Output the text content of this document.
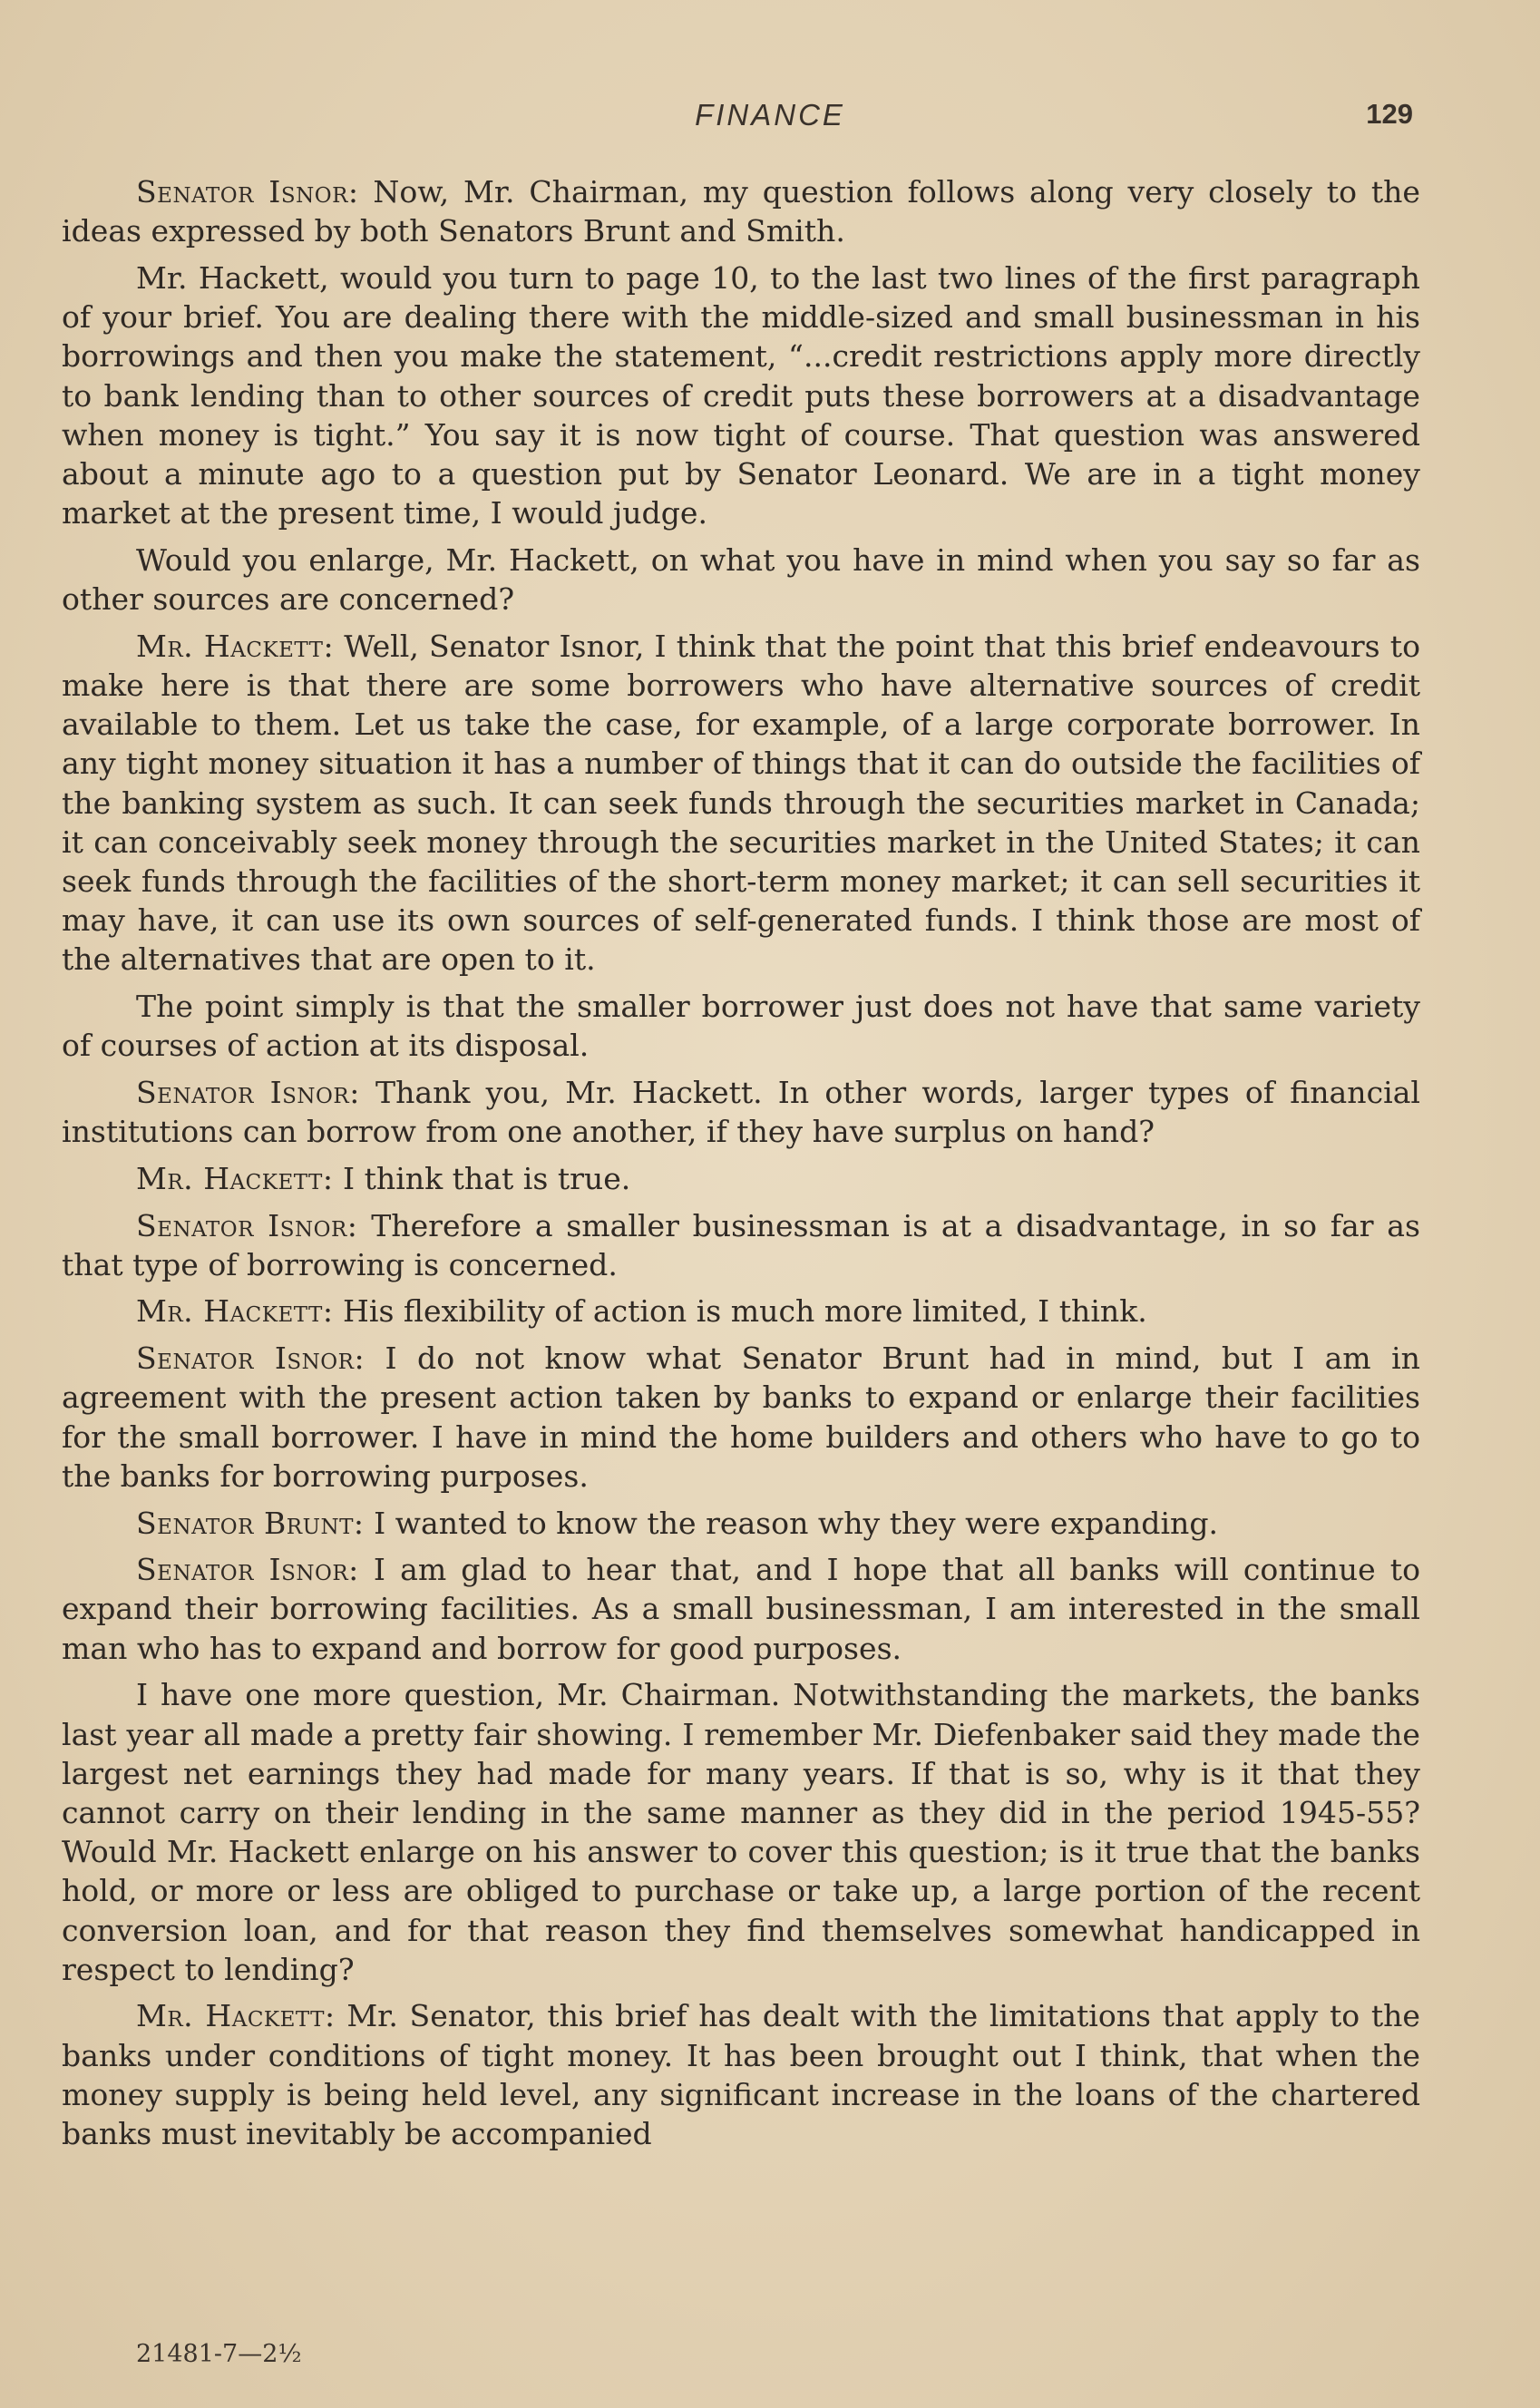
FINANCE	129

Senator Isnor: Now, Mr. Chairman, my question follows along very closely to the ideas expressed by both Senators Brunt and Smith.

Mr. Hackett, would you turn to page 10, to the last two lines of the first paragraph of your brief. You are dealing there with the middle-sized and small businessman in his borrowings and then you make the statement, “...credit restrictions apply more directly to bank lending than to other sources of credit puts these borrowers at a disadvantage when money is tight.” You say it is now tight of course. That question was answered about a minute ago to a question put by Senator Leonard. We are in a tight money market at the present time, I would judge.

Would you enlarge, Mr. Hackett, on what you have in mind when you say so far as other sources are concerned?

Mr. Hackett: Well, Senator Isnor, I think that the point that this brief endeavours to make here is that there are some borrowers who have alternative sources of credit available to them. Let us take the case, for example, of a large corporate borrower. In any tight money situation it has a number of things that it can do outside the facilities of the banking system as such. It can seek funds through the securities market in Canada; it can conceivably seek money through the securities market in the United States; it can seek funds through the facilities of the short-term money market; it can sell securities it may have, it can use its own sources of self-generated funds. I think those are most of the alternatives that are open to it.

The point simply is that the smaller borrower just does not have that same variety of courses of action at its disposal.

Senator Isnor: Thank you, Mr. Hackett. In other words, larger types of financial institutions can borrow from one another, if they have surplus on hand?

Mr. Hackett: I think that is true.

Senator Isnor: Therefore a smaller businessman is at a disadvantage, in so far as that type of borrowing is concerned.

Mr. Hackett: His flexibility of action is much more limited, I think.

Senator Isnor: I do not know what Senator Brunt had in mind, but I am in agreement with the present action taken by banks to expand or enlarge their facilities for the small borrower. I have in mind the home builders and others who have to go to the banks for borrowing purposes.

Senator Brunt: I wanted to know the reason why they were expanding.

Senator Isnor: I am glad to hear that, and I hope that all banks will continue to expand their borrowing facilities. As a small businessman, I am interested in the small man who has to expand and borrow for good purposes.

I have one more question, Mr. Chairman. Notwithstanding the markets, the banks last year all made a pretty fair showing. I remember Mr. Diefenbaker said they made the largest net earnings they had made for many years. If that is so, why is it that they cannot carry on their lending in the same manner as they did in the period 1945-55? Would Mr. Hackett enlarge on his answer to cover this question; is it true that the banks hold, or more or less are obliged to purchase or take up, a large portion of the recent conversion loan, and for that reason they find themselves somewhat handicapped in respect to lending?

Mr. Hackett: Mr. Senator, this brief has dealt with the limitations that apply to the banks under conditions of tight money. It has been brought out I think, that when the money supply is being held level, any significant increase in the loans of the chartered banks must inevitably be accompanied

21481-7—2½
